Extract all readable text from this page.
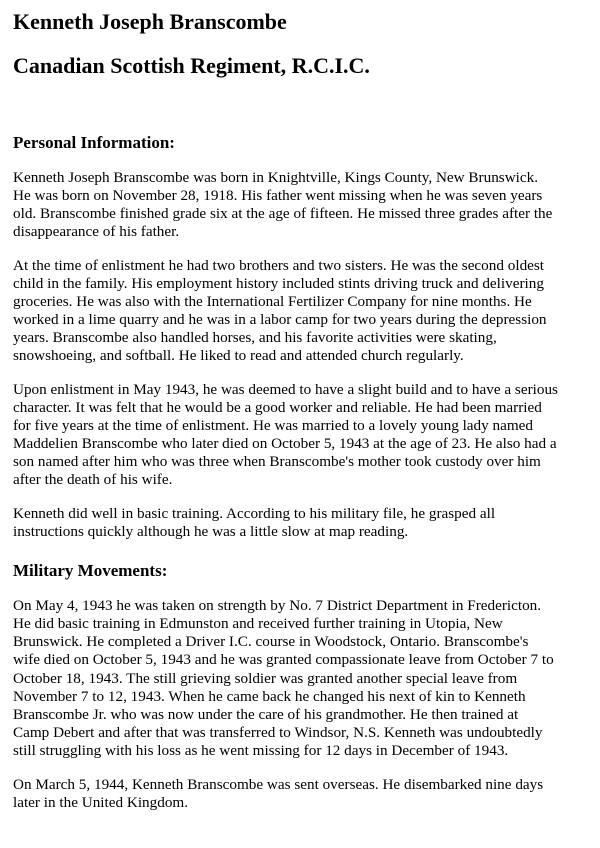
Kenneth Joseph Branscombe
Canadian Scottish Regiment, R.C.I.C.
Personal Information:

Kenneth Joseph Branscombe was born in Knightville, Kings County, New Brunswick.
He was born on November 28, 1918. His father went missing when he was seven years
old. Branscombe finished grade six at the age of fifteen. He missed three grades after the
disappearance of his father.

At the time of enlistment he had two brothers and two sisters. He was the second oldest
child in the family. His employment history included stints driving truck and delivering
groceries. He was also with the International Fertilizer Company for nine months. He
worked in a lime quarry and he was in a labor camp for two years during the depression
years. Branscombe also handled horses, and his favorite activities were skating,
snowshoeing, and softball. He liked to read and attended church regularly.

Upon enlistment in May 1943, he was deemed to have a slight build and to have a serious
character. It was felt that he would be a good worker and reliable. He had been married
for five years at the time of enlistment. He was married to a lovely young lady named
Maddelien Branscombe who later died on October 5, 1943 at the age of 23. He also had a
son named after him who was three when Branscombe's mother took custody over him
after the death of his wife.

Kenneth did well in basic training. According to his military file, he grasped all
instructions quickly although he was a little slow at map reading.

Military Movements:

On May 4, 1943 he was taken on strength by No. 7 District Department in Fredericton.
He did basic training in Edmunston and received further training in Utopia, New
Brunswick. He completed a Driver I.C. course in Woodstock, Ontario. Branscombe's
wife died on October 5, 1943 and he was granted compassionate leave from October 7 to
October 18, 1943. The still grieving soldier was granted another special leave from
November 7 to 12, 1943. When he came back he changed his next of kin to Kenneth
Branscombe Jr. who was now under the care of his grandmother. He then trained at
Camp Debert and after that was transferred to Windsor, N.S. Kenneth was undoubtedly
still struggling with his loss as he went missing for 12 days in December of 1943.

On March 5, 1944, Kenneth Branscombe was sent overseas. He disembarked nine days
later in the United Kingdom.
